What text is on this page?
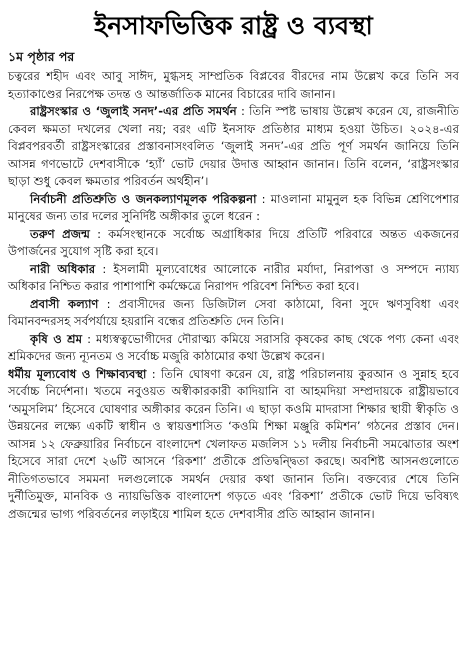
ইনসাফভিত্তিক রাষ্ট্র ও ব্যবস্থা
১ম পৃষ্ঠার পর

চত্বরের শহীদ এবং আবু সাঈদ, মুগ্ধসহ সাম্প্রতিক বিপ্লবের বীরদের নাম উল্লেখ করে তিনি সব হত্যাকাণ্ডের নিরপেক্ষ তদন্ত ও আন্তর্জাতিক মানের বিচারের দাবি জানান।

রাষ্ট্রসংস্কার ও ‘জুলাই সনদ’-এর প্রতি সমর্থন : তিনি স্পষ্ট ভাষায় উল্লেখ করেন যে, রাজনীতি কেবল ক্ষমতা দখলের খেলা নয়; বরং এটি ইনসাফ প্রতিষ্ঠার মাধ্যম হওয়া উচিত। ২০২৪-এর বিপ্লবপরবর্তী রাষ্ট্রসংস্কারের প্রস্তাবনাসংবলিত ‘জুলাই সনদ’-এর প্রতি পূর্ণ সমর্থন জানিয়ে তিনি আসন্ন গণভোটে দেশবাসীকে ‘হ্যাঁ’ ভোট দেয়ার উদাত্ত আহ্বান জানান। তিনি বলেন, ‘রাষ্ট্রসংস্কার ছাড়া শুধু কেবল ক্ষমতার পরিবর্তন অর্থহীন’।

নির্বাচনী প্রতিশ্রুতি ও জনকল্যাণমূলক পরিকল্পনা : মাওলানা মামুনুল হক বিভিন্ন শ্রেণিপেশার মানুষের জন্য তার দলের সুনির্দিষ্ট অঙ্গীকার তুলে ধরেন :

তরুণ প্রজন্ম : কর্মসংস্থানকে সর্বোচ্চ অগ্রাধিকার দিয়ে প্রতিটি পরিবারে অন্তত একজনের উপার্জনের সুযোগ সৃষ্টি করা হবে।

নারী অধিকার : ইসলামী মূল্যবোধের আলোকে নারীর মর্যাদা, নিরাপত্তা ও সম্পদে ন্যায্য অধিকার নিশ্চিত করার পাশাপাশি কর্মক্ষেত্রে নিরাপদ পরিবেশ নিশ্চিত করা হবে।

প্রবাসী কল্যাণ : প্রবাসীদের জন্য ডিজিটাল সেবা কাঠামো, বিনা সুদে ঋণসুবিধা এবং বিমানবন্দরসহ সর্বপর্যায়ে হয়রানি বন্ধের প্রতিশ্রুতি দেন তিনি।

কৃষি ও শ্রম : মধ্যস্বত্বভোগীদের দৌরাত্ম্য কমিয়ে সরাসরি কৃষকের কাছ থেকে পণ্য কেনা এবং শ্রমিকদের জন্য ন্যূনতম ও সর্বোচ্চ মজুরি কাঠামোর কথা উল্লেখ করেন।

ধর্মীয় মূল্যবোধ ও শিক্ষাব্যবস্থা : তিনি ঘোষণা করেন যে, রাষ্ট্র পরিচালনায় কুরআন ও সুন্নাহ হবে সর্বোচ্চ নির্দেশনা। খতমে নবুওয়ত অস্বীকারকারী কাদিয়ানি বা আহমদিয়া সম্প্রদায়কে রাষ্ট্রীয়ভাবে ‘অমুসলিম’ হিসেবে ঘোষণার অঙ্গীকার করেন তিনি। এ ছাড়া কওমি মাদরাসা শিক্ষার স্থায়ী স্বীকৃতি ও উন্নয়নের লক্ষ্যে একটি স্বাধীন ও স্বায়ত্তশাসিত ‘কওমি শিক্ষা মঞ্জুরি কমিশন’ গঠনের প্রস্তাব দেন। আসন্ন ১২ ফেব্রুয়ারির নির্বাচনে বাংলাদেশ খেলাফত মজলিস ১১ দলীয় নির্বাচনী সমঝোতার অংশ হিসেবে সারা দেশে ২৬টি আসনে ‘রিকশা’ প্রতীকে প্রতিদ্বন্দ্বিতা করছে। অবশিষ্ট আসনগুলোতে নীতিগতভাবে সমমনা দলগুলোকে সমর্থন দেয়ার কথা জানান তিনি। বক্তব্যের শেষে তিনি দুর্নীতিমুক্ত, মানবিক ও ন্যায়ভিত্তিক বাংলাদেশ গড়তে এবং ‘রিকশা’ প্রতীকে ভোট দিয়ে ভবিষ্যৎ প্রজন্মের ভাগ্য পরিবর্তনের লড়াইয়ে শামিল হতে দেশবাসীর প্রতি আহ্বান জানান।
